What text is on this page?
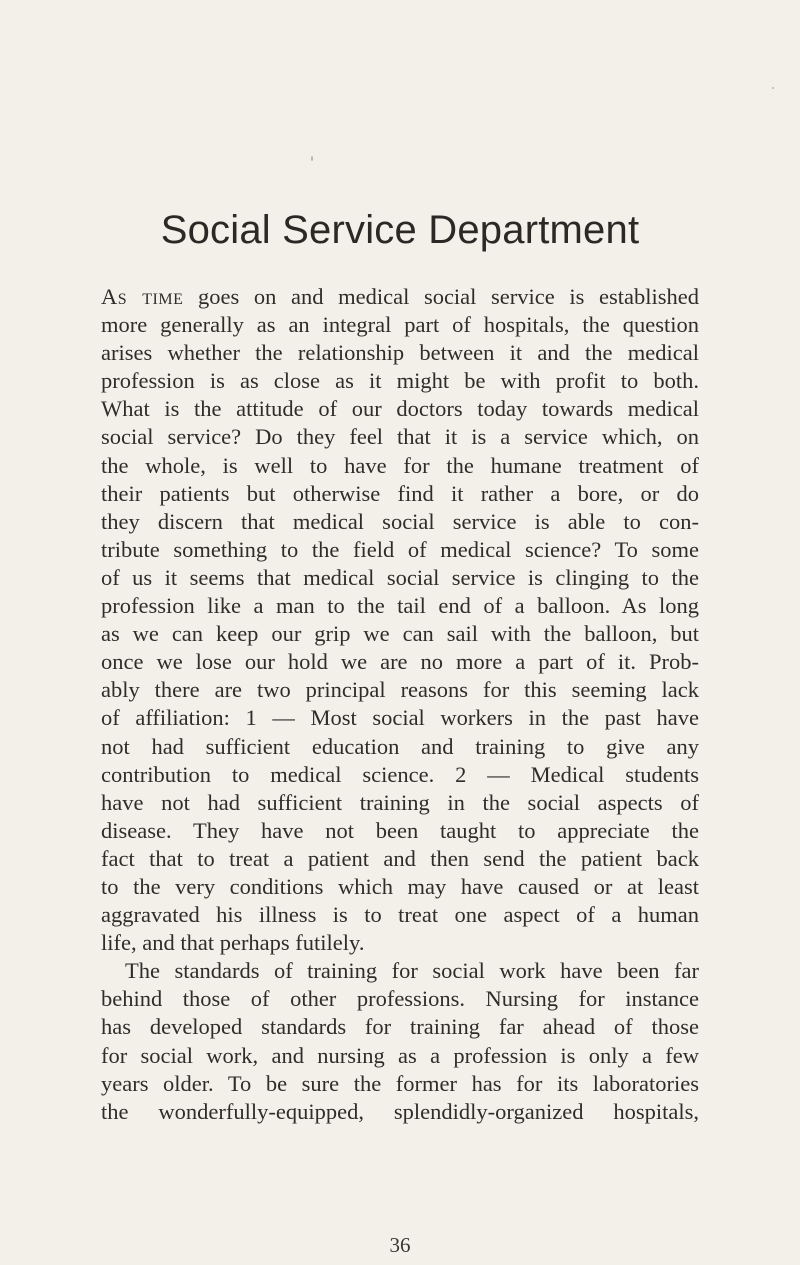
Social Service Department
As time goes on and medical social service is established
more generally as an integral part of hospitals, the question
arises whether the relationship between it and the medical
profession is as close as it might be with profit to both.
What is the attitude of our doctors today towards medical
social service? Do they feel that it is a service which, on
the whole, is well to have for the humane treatment of
their patients but otherwise find it rather a bore, or do
they discern that medical social service is able to con-
tribute something to the field of medical science? To some
of us it seems that medical social service is clinging to the
profession like a man to the tail end of a balloon. As long
as we can keep our grip we can sail with the balloon, but
once we lose our hold we are no more a part of it. Prob-
ably there are two principal reasons for this seeming lack
of affiliation: 1 — Most social workers in the past have
not had sufficient education and training to give any
contribution to medical science. 2 — Medical students
have not had sufficient training in the social aspects of
disease. They have not been taught to appreciate the
fact that to treat a patient and then send the patient back
to the very conditions which may have caused or at least
aggravated his illness is to treat one aspect of a human
life, and that perhaps futilely.
The standards of training for social work have been far
behind those of other professions. Nursing for instance
has developed standards for training far ahead of those
for social work, and nursing as a profession is only a few
years older. To be sure the former has for its laboratories
the wonderfully-equipped, splendidly-organized hospitals,
36
